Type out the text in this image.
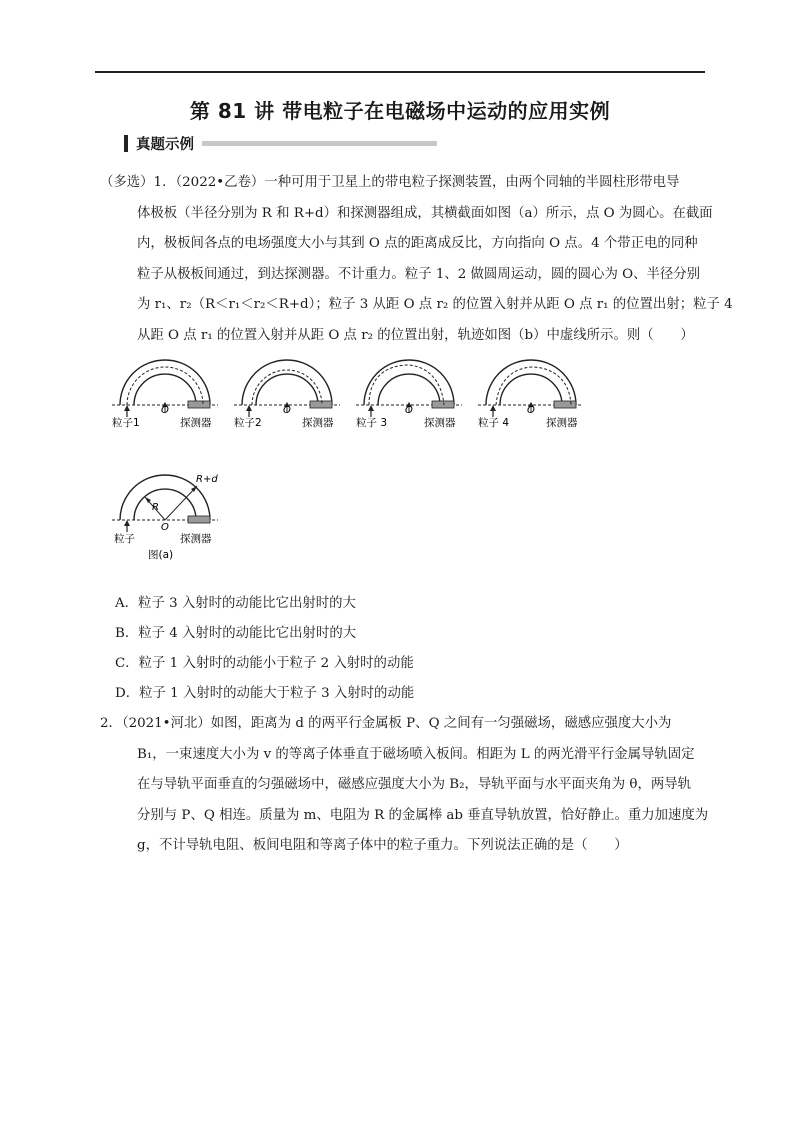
第 81 讲 带电粒子在电磁场中运动的应用实例
真题示例

（多选）1．（2022•乙卷）一种可用于卫星上的带电粒子探测装置，由两个同轴的半圆柱形带电导

体极板（半径分别为 R 和 R+d）和探测器组成，其横截面如图（a）所示，点 O 为圆心。在截面

内，极板间各点的电场强度大小与其到 O 点的距离成反比，方向指向 O 点。4 个带正电的同种

粒子从极板间通过，到达探测器。不计重力。粒子 1、2 做圆周运动，圆的圆心为 O、半径分别

为 r₁、r₂（R＜r₁＜r₂＜R+d）；粒子 3 从距 O 点 r₂ 的位置入射并从距 O 点 r₁ 的位置出射；粒子 4

从距 O 点 r₁ 的位置入射并从距 O 点 r₂ 的位置出射，轨迹如图（b）中虚线所示。则（　　）

O
粒子1	探测器
O
粒子2	探测器
O
粒子 3	探测器
O
粒子 4	探测器
O
R
R+d
粒子	探测器
图(a)
A．粒子 3 入射时的动能比它出射时的大
B．粒子 4 入射时的动能比它出射时的大
C．粒子 1 入射时的动能小于粒子 2 入射时的动能
D．粒子 1 入射时的动能大于粒子 3 入射时的动能

2．（2021•河北）如图，距离为 d 的两平行金属板 P、Q 之间有一匀强磁场，磁感应强度大小为

B₁，一束速度大小为 v 的等离子体垂直于磁场喷入板间。相距为 L 的两光滑平行金属导轨固定

在与导轨平面垂直的匀强磁场中，磁感应强度大小为 B₂，导轨平面与水平面夹角为 θ，两导轨

分别与 P、Q 相连。质量为 m、电阻为 R 的金属棒 ab 垂直导轨放置，恰好静止。重力加速度为

g，不计导轨电阻、板间电阻和等离子体中的粒子重力。下列说法正确的是（　　）
